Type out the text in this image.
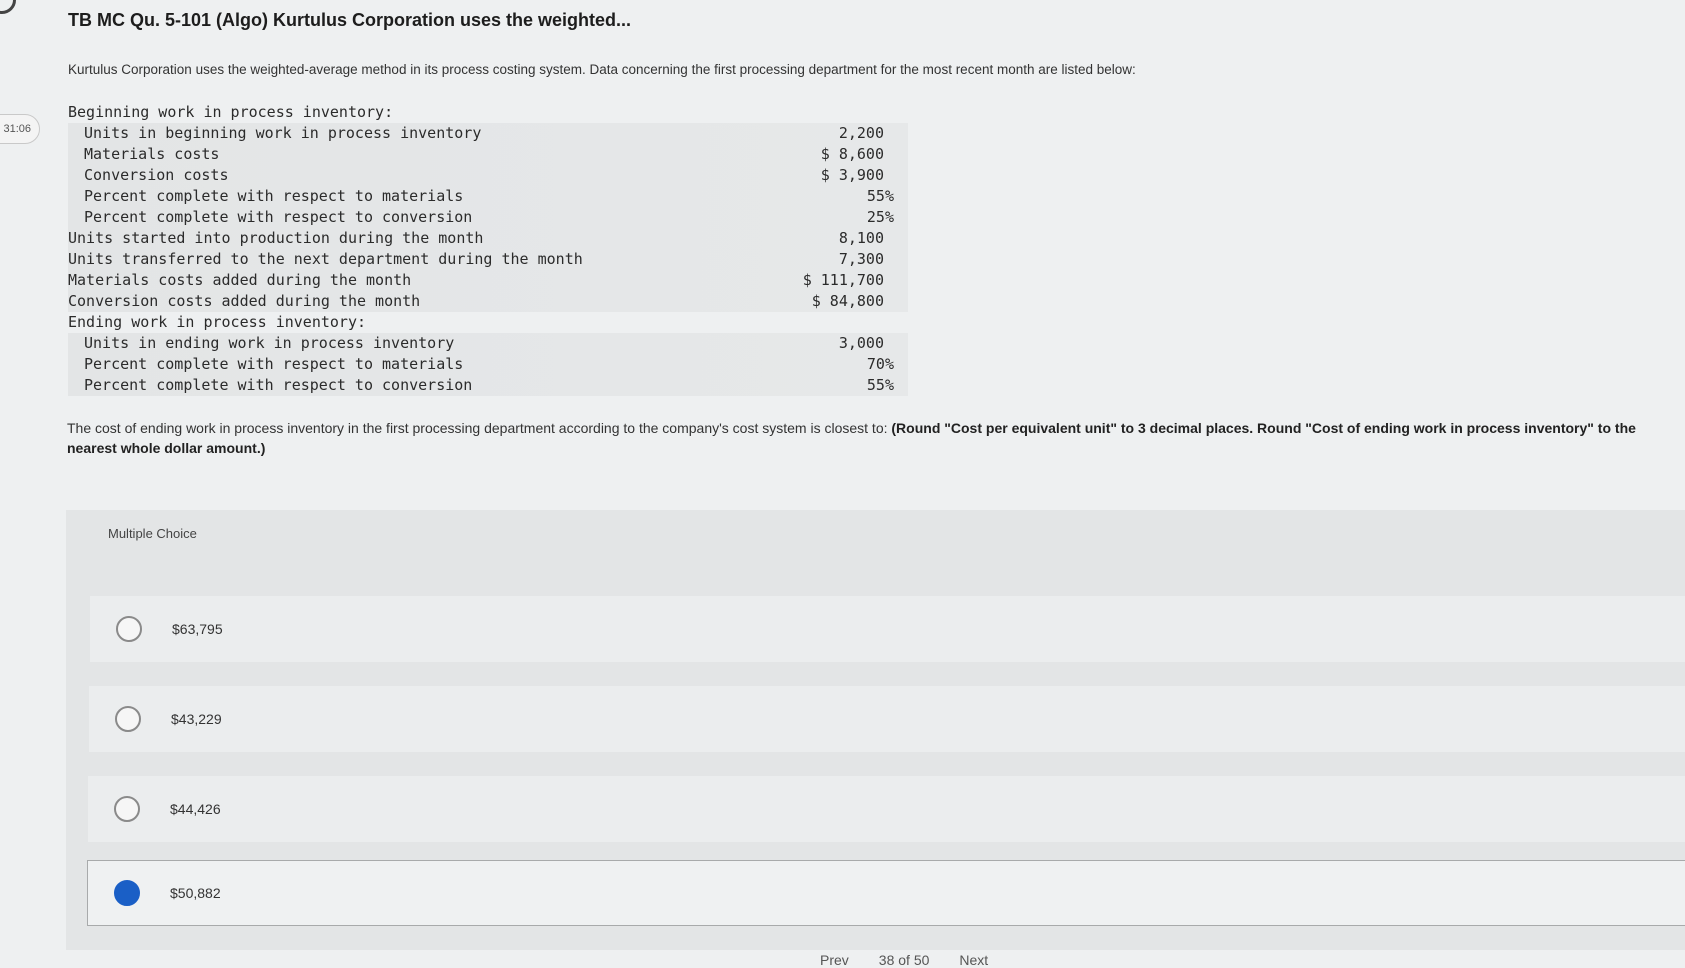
31:06
TB MC Qu. 5-101 (Algo) Kurtulus Corporation uses the weighted...
Kurtulus Corporation uses the weighted-average method in its process costing system. Data concerning the first processing department for the most recent month are listed below:
Beginning work in process inventory:
Units in beginning work in process inventory	2,200
Materials costs	$ 8,600
Conversion costs	$ 3,900
Percent complete with respect to materials	55%
Percent complete with respect to conversion	25%
Units started into production during the month	8,100
Units transferred to the next department during the month	7,300
Materials costs added during the month	$ 111,700
Conversion costs added during the month	$ 84,800
Ending work in process inventory:
Units in ending work in process inventory	3,000
Percent complete with respect to materials	70%
Percent complete with respect to conversion	55%
The cost of ending work in process inventory in the first processing department according to the company's cost system is closest to: (Round "Cost per equivalent unit" to 3 decimal places. Round "Cost of ending work in process inventory" to the nearest whole dollar amount.)
Multiple Choice
$63,795
$43,229
$44,426
$50,882
Prev 38 of 50 Next
